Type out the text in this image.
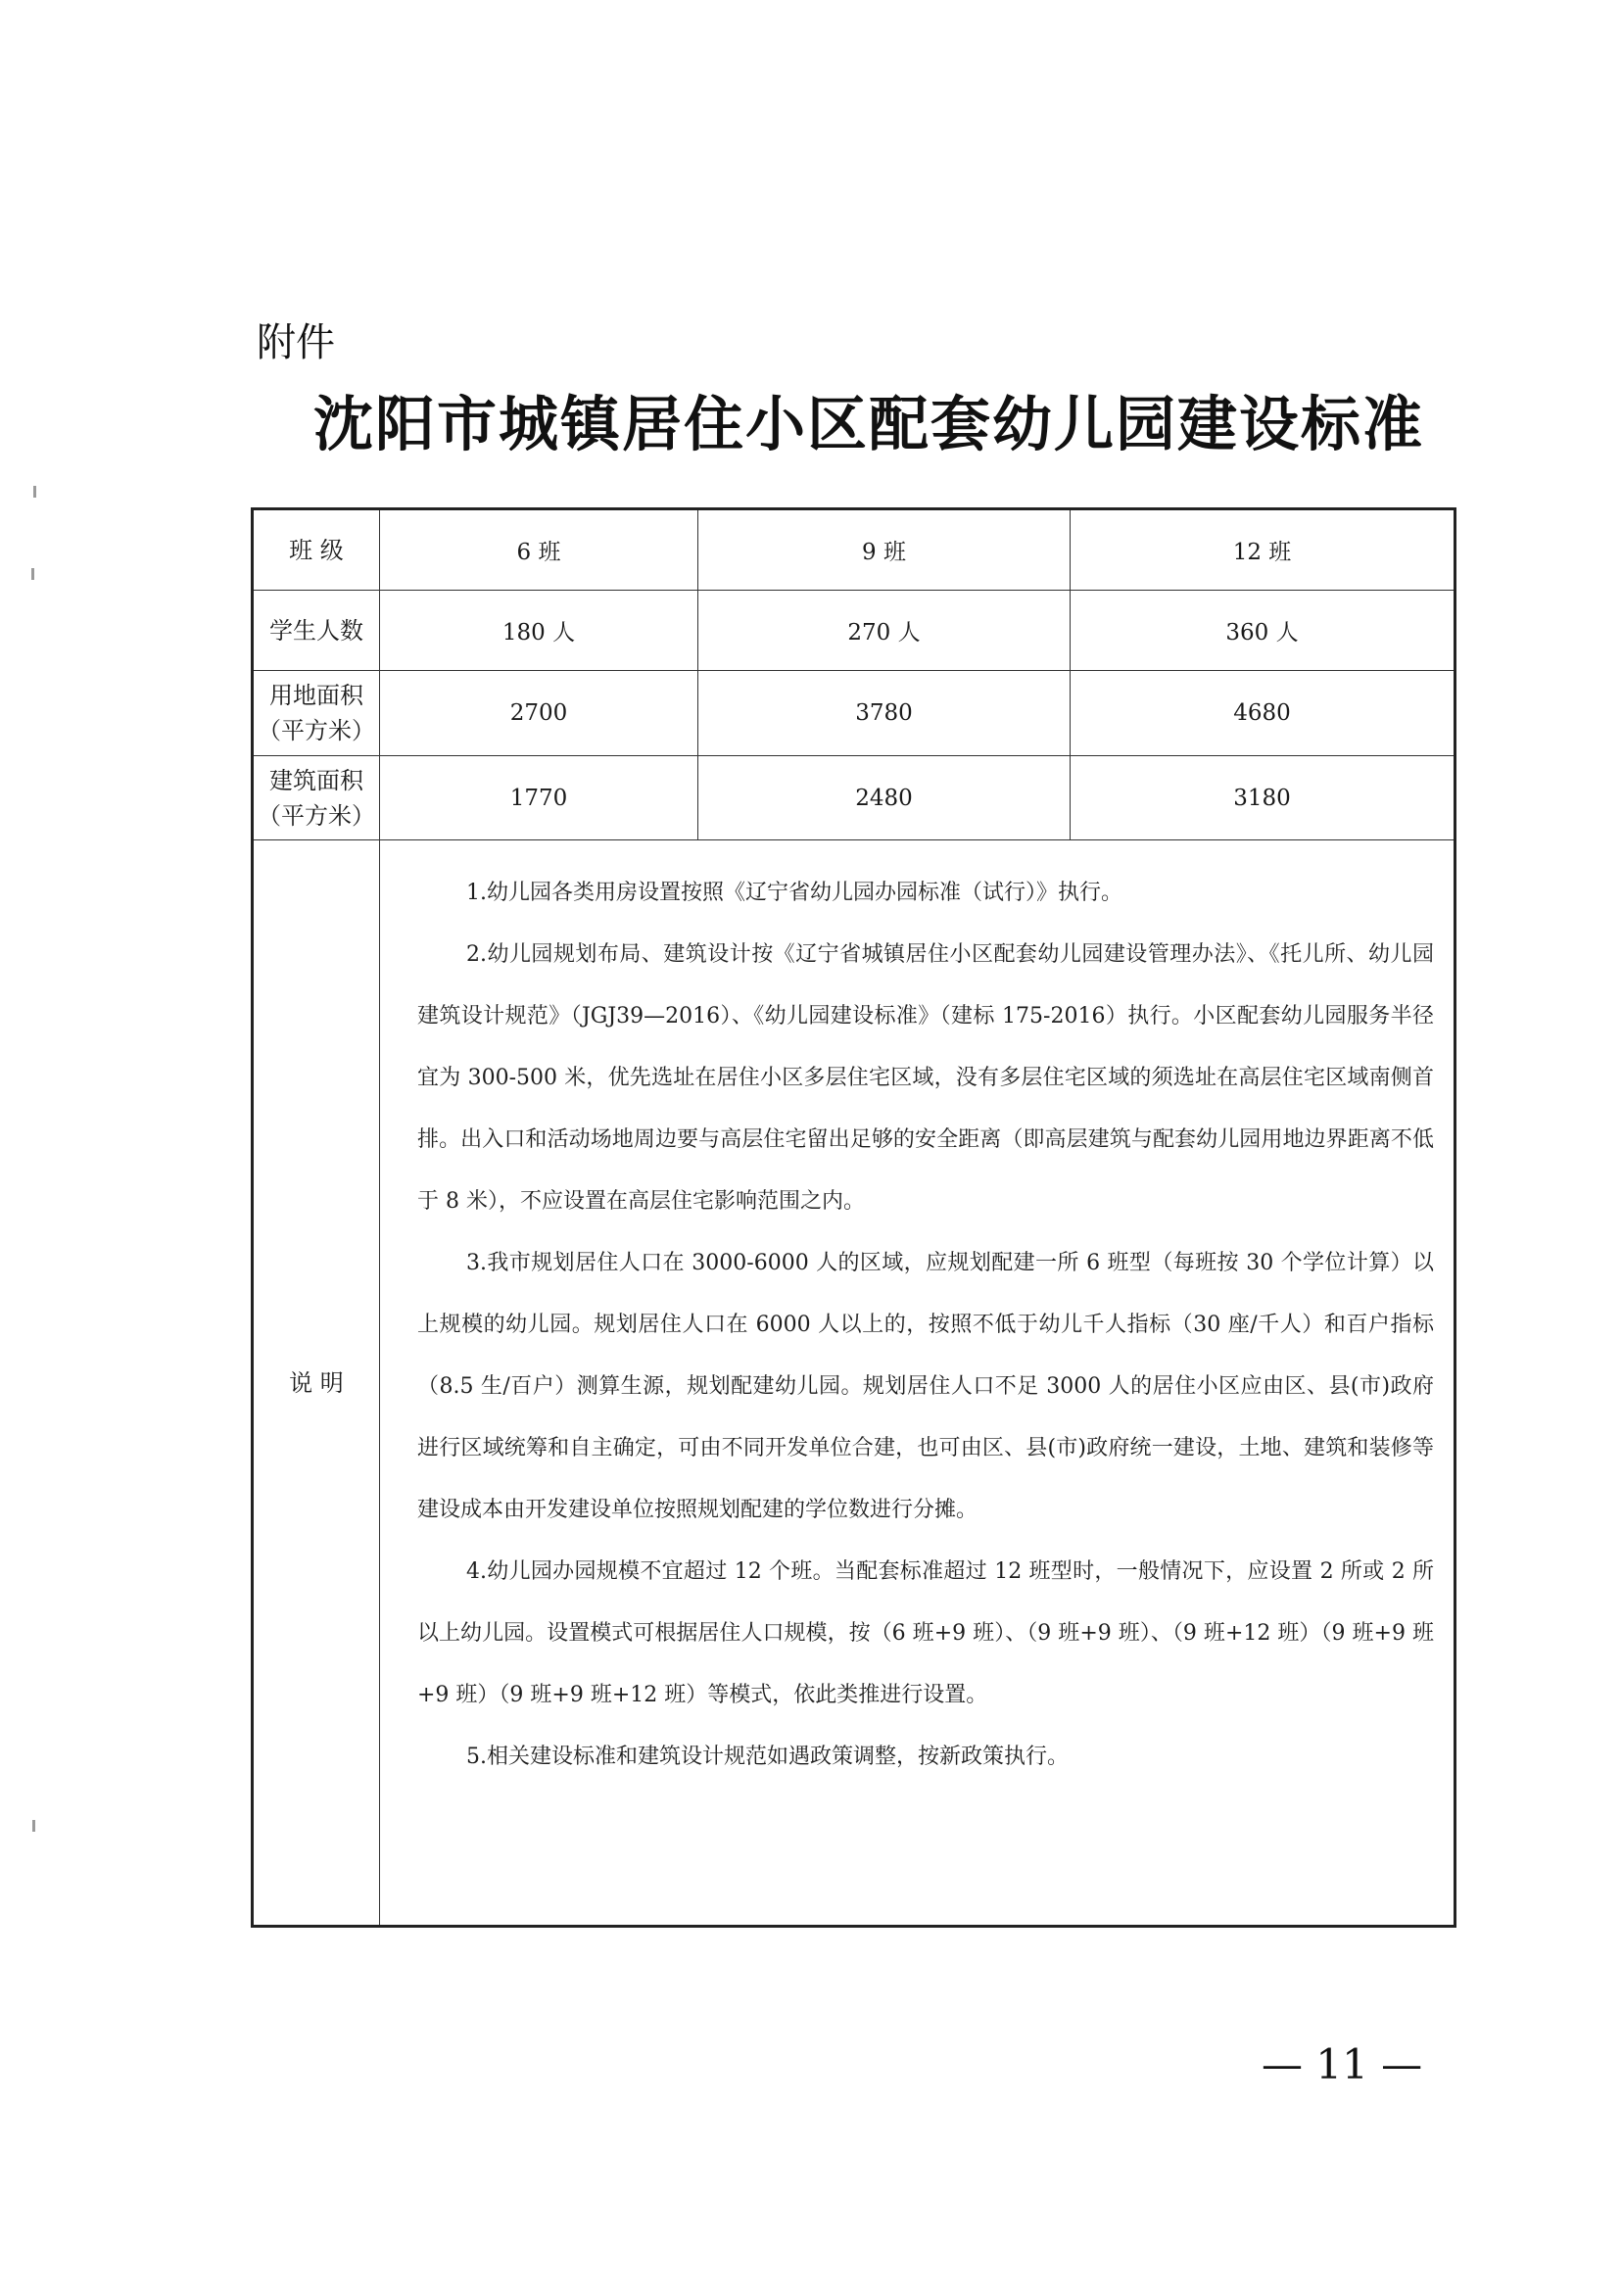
附件
沈阳市城镇居住小区配套幼儿园建设标准
班 级	6 班	9 班	12 班
学生人数	180 人	270 人	360 人
用地面积（平方米）	2700	3780	4680
建筑面积（平方米）	1770	2480	3180
说 明	1.幼儿园各类用房设置按照《辽宁省幼儿园办园标准（试行）》执行。

2.幼儿园规划布局、建筑设计按《辽宁省城镇居住小区配套幼儿园建设管理办法》、《托儿所、幼儿园建筑设计规范》（JGJ39—2016）、《幼儿园建设标准》（建标 175-2016）执行。小区配套幼儿园服务半径宜为 300-500 米，优先选址在居住小区多层住宅区域，没有多层住宅区域的须选址在高层住宅区域南侧首排。出入口和活动场地周边要与高层住宅留出足够的安全距离（即高层建筑与配套幼儿园用地边界距离不低于 8 米），不应设置在高层住宅影响范围之内。

3.我市规划居住人口在 3000-6000 人的区域，应规划配建一所 6 班型（每班按 30 个学位计算）以上规模的幼儿园。规划居住人口在 6000 人以上的，按照不低于幼儿千人指标（30 座/千人）和百户指标（8.5 生/百户）测算生源，规划配建幼儿园。规划居住人口不足 3000 人的居住小区应由区、县(市)政府进行区域统筹和自主确定，可由不同开发单位合建，也可由区、县(市)政府统一建设，土地、建筑和装修等建设成本由开发建设单位按照规划配建的学位数进行分摊。

4.幼儿园办园规模不宜超过 12 个班。当配套标准超过 12 班型时，一般情况下，应设置 2 所或 2 所以上幼儿园。设置模式可根据居住人口规模，按（6 班+9 班）、（9 班+9 班）、（9 班+12 班）（9 班+9 班+9 班）（9 班+9 班+12 班）等模式，依此类推进行设置。

5.相关建设标准和建筑设计规范如遇政策调整，按新政策执行。		

— 11 —
